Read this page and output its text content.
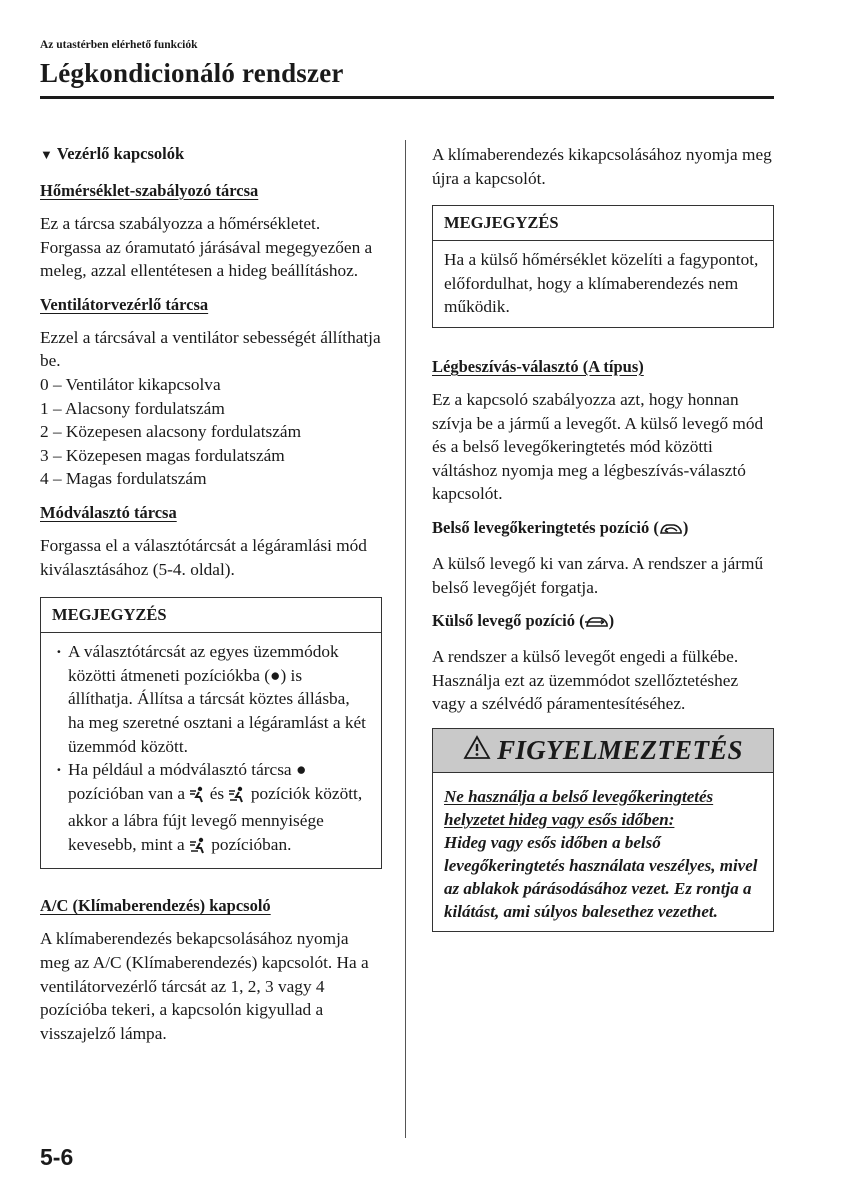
Az utastérben elérhető funkciók
Légkondicionáló rendszer
▼ Vezérlő kapcsolók
Hőmérséklet-szabályozó tárcsa

Ez a tárcsa szabályozza a hőmérsékletet. Forgassa az óramutató járásával megegyezően a meleg, azzal ellentétesen a hideg beállításhoz.

Ventilátorvezérlő tárcsa

Ezzel a tárcsával a ventilátor sebességét állíthatja be.

0 – Ventilátor kikapcsolva
1 – Alacsony fordulatszám
2 – Közepesen alacsony fordulatszám
3 – Közepesen magas fordulatszám
4 – Magas fordulatszám
Módválasztó tárcsa

Forgassa el a választótárcsát a légáramlási mód kiválasztásához (5-4. oldal).

MEGJEGYZÉS
· A választótárcsát az egyes üzemmódok közötti átmeneti pozíciókba (●) is állíthatja. Állítsa a tárcsát köztes állásba, ha meg szeretné osztani a légáramlást a két üzemmód között.
· Ha például a módválasztó tárcsa ● pozícióban van a és pozíciók között, akkor a lábra fújt levegő mennyisége kevesebb, mint a pozícióban.
A/C (Klímaberendezés) kapcsoló

A klímaberendezés bekapcsolásához nyomja meg az A/C (Klímaberendezés) kapcsolót. Ha a ventilátorvezérlő tárcsát az 1, 2, 3 vagy 4 pozícióba tekeri, a kapcsolón kigyullad a visszajelző lámpa.

A klímaberendezés kikapcsolásához nyomja meg újra a kapcsolót.

MEGJEGYZÉS

Ha a külső hőmérséklet közelíti a fagypontot, előfordulhat, hogy a klímaberendezés nem működik.

Légbeszívás-választó (A típus)

Ez a kapcsoló szabályozza azt, hogy honnan szívja be a jármű a levegőt. A külső levegő mód és a belső levegőkeringtetés mód közötti váltáshoz nyomja meg a légbeszívás-választó kapcsolót.

Belső levegőkeringtetés pozíció ( )

A külső levegő ki van zárva. A rendszer a jármű belső levegőjét forgatja.

Külső levegő pozíció ( )

A rendszer a külső levegőt engedi a fülkébe. Használja ezt az üzemmódot szellőztetéshez vagy a szélvédő páramentesítéséhez.

FIGYELMEZTETÉS

Ne használja a belső levegőkeringtetés helyzetet hideg vagy esős időben:

Hideg vagy esős időben a belső levegőkeringtetés használata veszélyes, mivel az ablakok párásodásához vezet. Ez rontja a kilátást, ami súlyos balesethez vezethet.

5-6
